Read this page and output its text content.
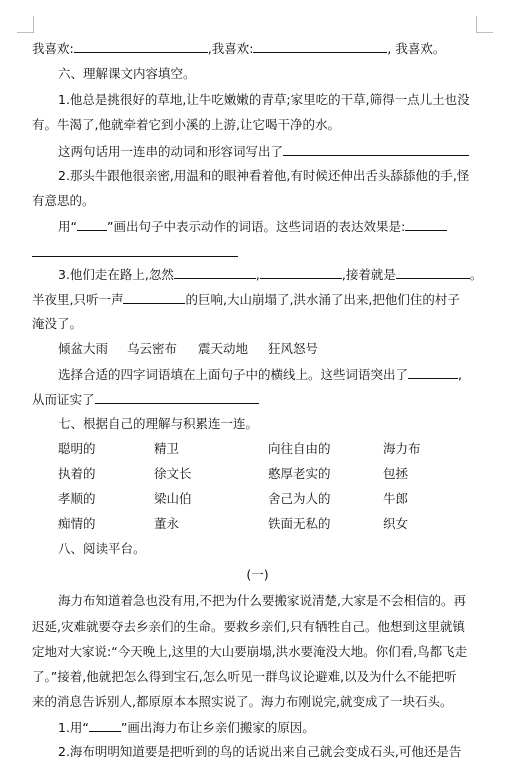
我喜欢:	,我喜欢:	, 我喜欢。
六、理解课文内容填空。
1.他总是挑很好的草地,让牛吃嫩嫩的青草;家里吃的干草,筛得一点儿土也没
有。牛渴了,他就牵着它到小溪的上游,让它喝干净的水。
这两句话用一连串的动词和形容词写出了
2.那头牛跟他很亲密,用温和的眼神看着他,有时候还伸出舌头舔舔他的手,怪
有意思的。
用“ ”画出句子中表示动作的词语。这些词语的表达效果是:
3.他们走在路上,忽然	,	,接着就是	。
半夜里,只听一声	的巨响,大山崩塌了,洪水涌了出来,把他们住的村子
淹没了。
倾盆大雨 乌云密布 震天动地 狂风怒号
选择合适的四字词语填在上面句子中的横线上。这些词语突出了	,
从而证实了
七、根据自己的理解与积累连一连。
聪明的	精卫	向往自由的	海力布
执着的	徐文长	憨厚老实的	包拯
孝顺的	梁山伯	舍己为人的	牛郎
痴情的	董永	铁面无私的	织女
八、阅读平台。
(一)
海力布知道着急也没有用,不把为什么要搬家说清楚,大家是不会相信的。再
迟延,灾难就要夺去乡亲们的生命。要救乡亲们,只有牺牲自己。他想到这里就镇
定地对大家说:“今天晚上,这里的大山要崩塌,洪水要淹没大地。你们看,鸟都飞走
了。”接着,他就把怎么得到宝石,怎么听见一群鸟议论避难,以及为什么不能把听
来的消息告诉别人,都原原本本照实说了。海力布刚说完,就变成了一块石头。
1.用“	”画出海力布让乡亲们搬家的原因。
2.海布明明知道要是把听到的鸟的话说出来自己就会变成石头,可他还是告
